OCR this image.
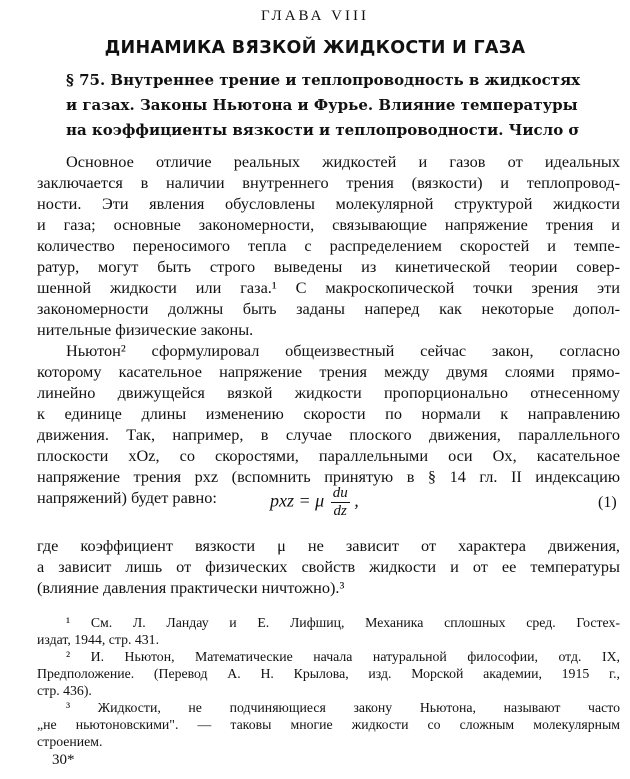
ГЛАВА VIII
ДИНАМИКА ВЯЗКОЙ ЖИДКОСТИ И ГАЗА
§ 75. Внутреннее трение и теплопроводность в жидкостях
и газах. Законы Ньютона и Фурье. Влияние температуры
на коэффициенты вязкости и теплопроводности. Число σ
Основное отличие реальных жидкостей и газов от идеальных
заключается в наличии внутреннего трения (вязкости) и теплопровод-
ности. Эти явления обусловлены молекулярной структурой жидкости
и газа; основные закономерности, связывающие напряжение трения и
количество переносимого тепла с распределением скоростей и темпе-
ратур, могут быть строго выведены из кинетической теории совер-
шенной жидкости или газа.¹ С макроскопической точки зрения эти
закономерности должны быть заданы наперед как некоторые допол-
нительные физические законы.
Ньютон² сформулировал общеизвестный сейчас закон, согласно
которому касательное напряжение трения между двумя слоями прямо-
линейно движущейся вязкой жидкости пропорционально отнесенному
к единице длины изменению скорости по нормали к направлению
движения. Так, например, в случае плоского движения, параллельного
плоскости xOz, со скоростями, параллельными оси Ox, касательное
напряжение трения pxz (вспомнить принятую в § 14 гл. II индексацию
напряжений) будет равно:	pxz = μ $\frac{du}{dz}$ ,	(1)
где коэффициент вязкости μ не зависит от характера движения,
а зависит лишь от физических свойств жидкости и от ее температуры
(влияние давления практически ничтожно).³
¹ См. Л. Ландау и Е. Лифшиц, Механика сплошных сред. Гостех-
издат, 1944, стр. 431.
² И. Ньютон, Математические начала натуральной философии, отд. IX,
Предположение. (Перевод А. Н. Крылова, изд. Морской академии, 1915 г.,
стр. 436).
³ Жидкости, не подчиняющиеся закону Ньютона, называют часто
„не ньютоновскими". — таковы многие жидкости со сложным молекулярным
строением.
30*
